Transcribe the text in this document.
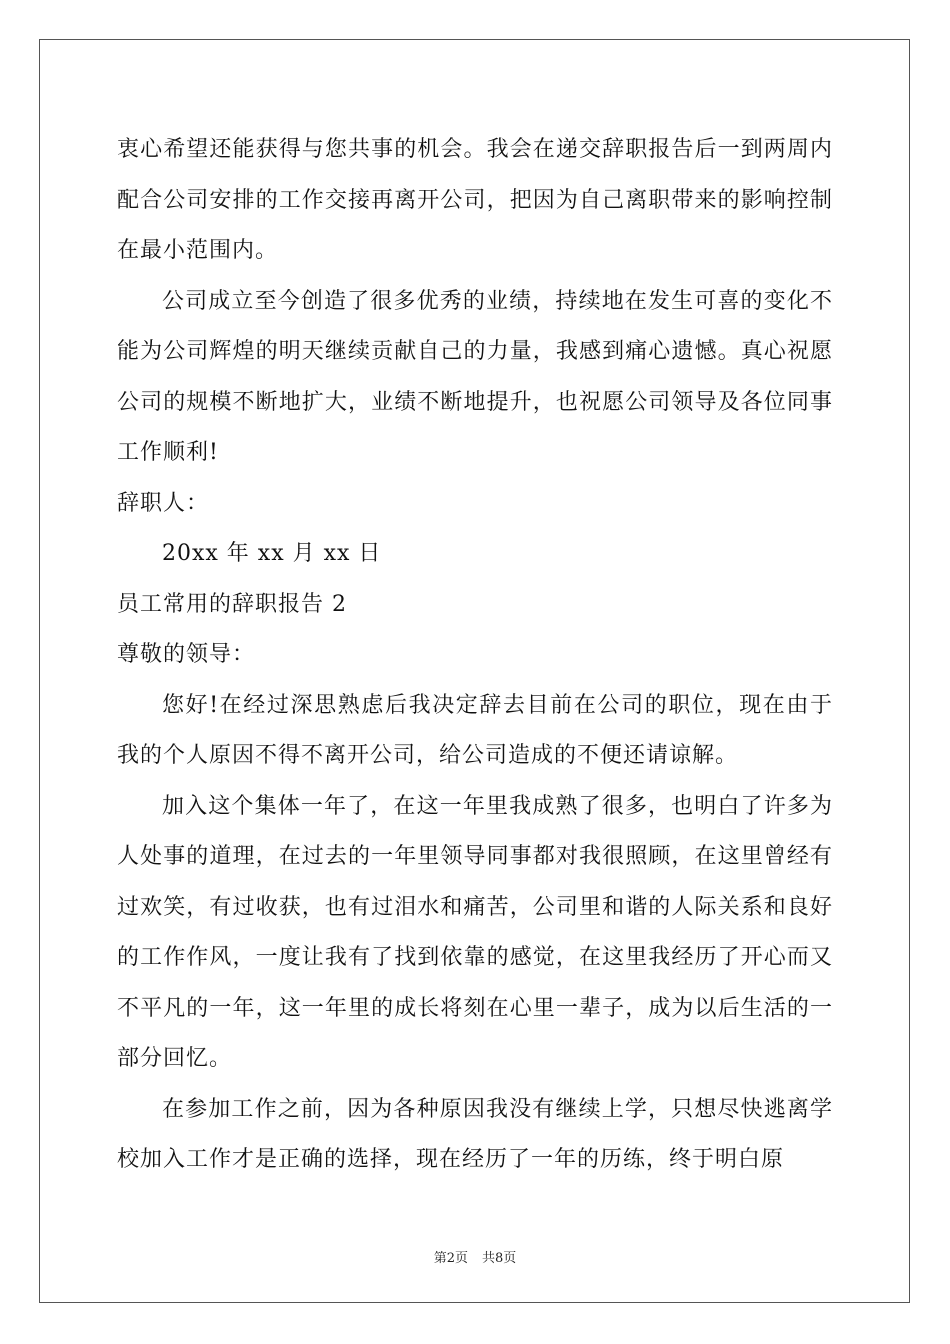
衷心希望还能获得与您共事的机会。我会在递交辞职报告后一到两周内配合公司安排的工作交接再离开公司，把因为自己离职带来的影响控制在最小范围内。

公司成立至今创造了很多优秀的业绩，持续地在发生可喜的变化不能为公司辉煌的明天继续贡献自己的力量，我感到痛心遗憾。真心祝愿公司的规模不断地扩大，业绩不断地提升，也祝愿公司领导及各位同事工作顺利!

辞职人：

20xx 年 xx 月 xx 日

员工常用的辞职报告 2

尊敬的领导：

您好!在经过深思熟虑后我决定辞去目前在公司的职位，现在由于我的个人原因不得不离开公司，给公司造成的不便还请谅解。

加入这个集体一年了，在这一年里我成熟了很多，也明白了许多为人处事的道理，在过去的一年里领导同事都对我很照顾，在这里曾经有过欢笑，有过收获，也有过泪水和痛苦，公司里和谐的人际关系和良好的工作作风，一度让我有了找到依靠的感觉，在这里我经历了开心而又不平凡的一年，这一年里的成长将刻在心里一辈子，成为以后生活的一部分回忆。

在参加工作之前，因为各种原因我没有继续上学，只想尽快逃离学校加入工作才是正确的选择，现在经历了一年的历练，终于明白原

第2页 共8页
